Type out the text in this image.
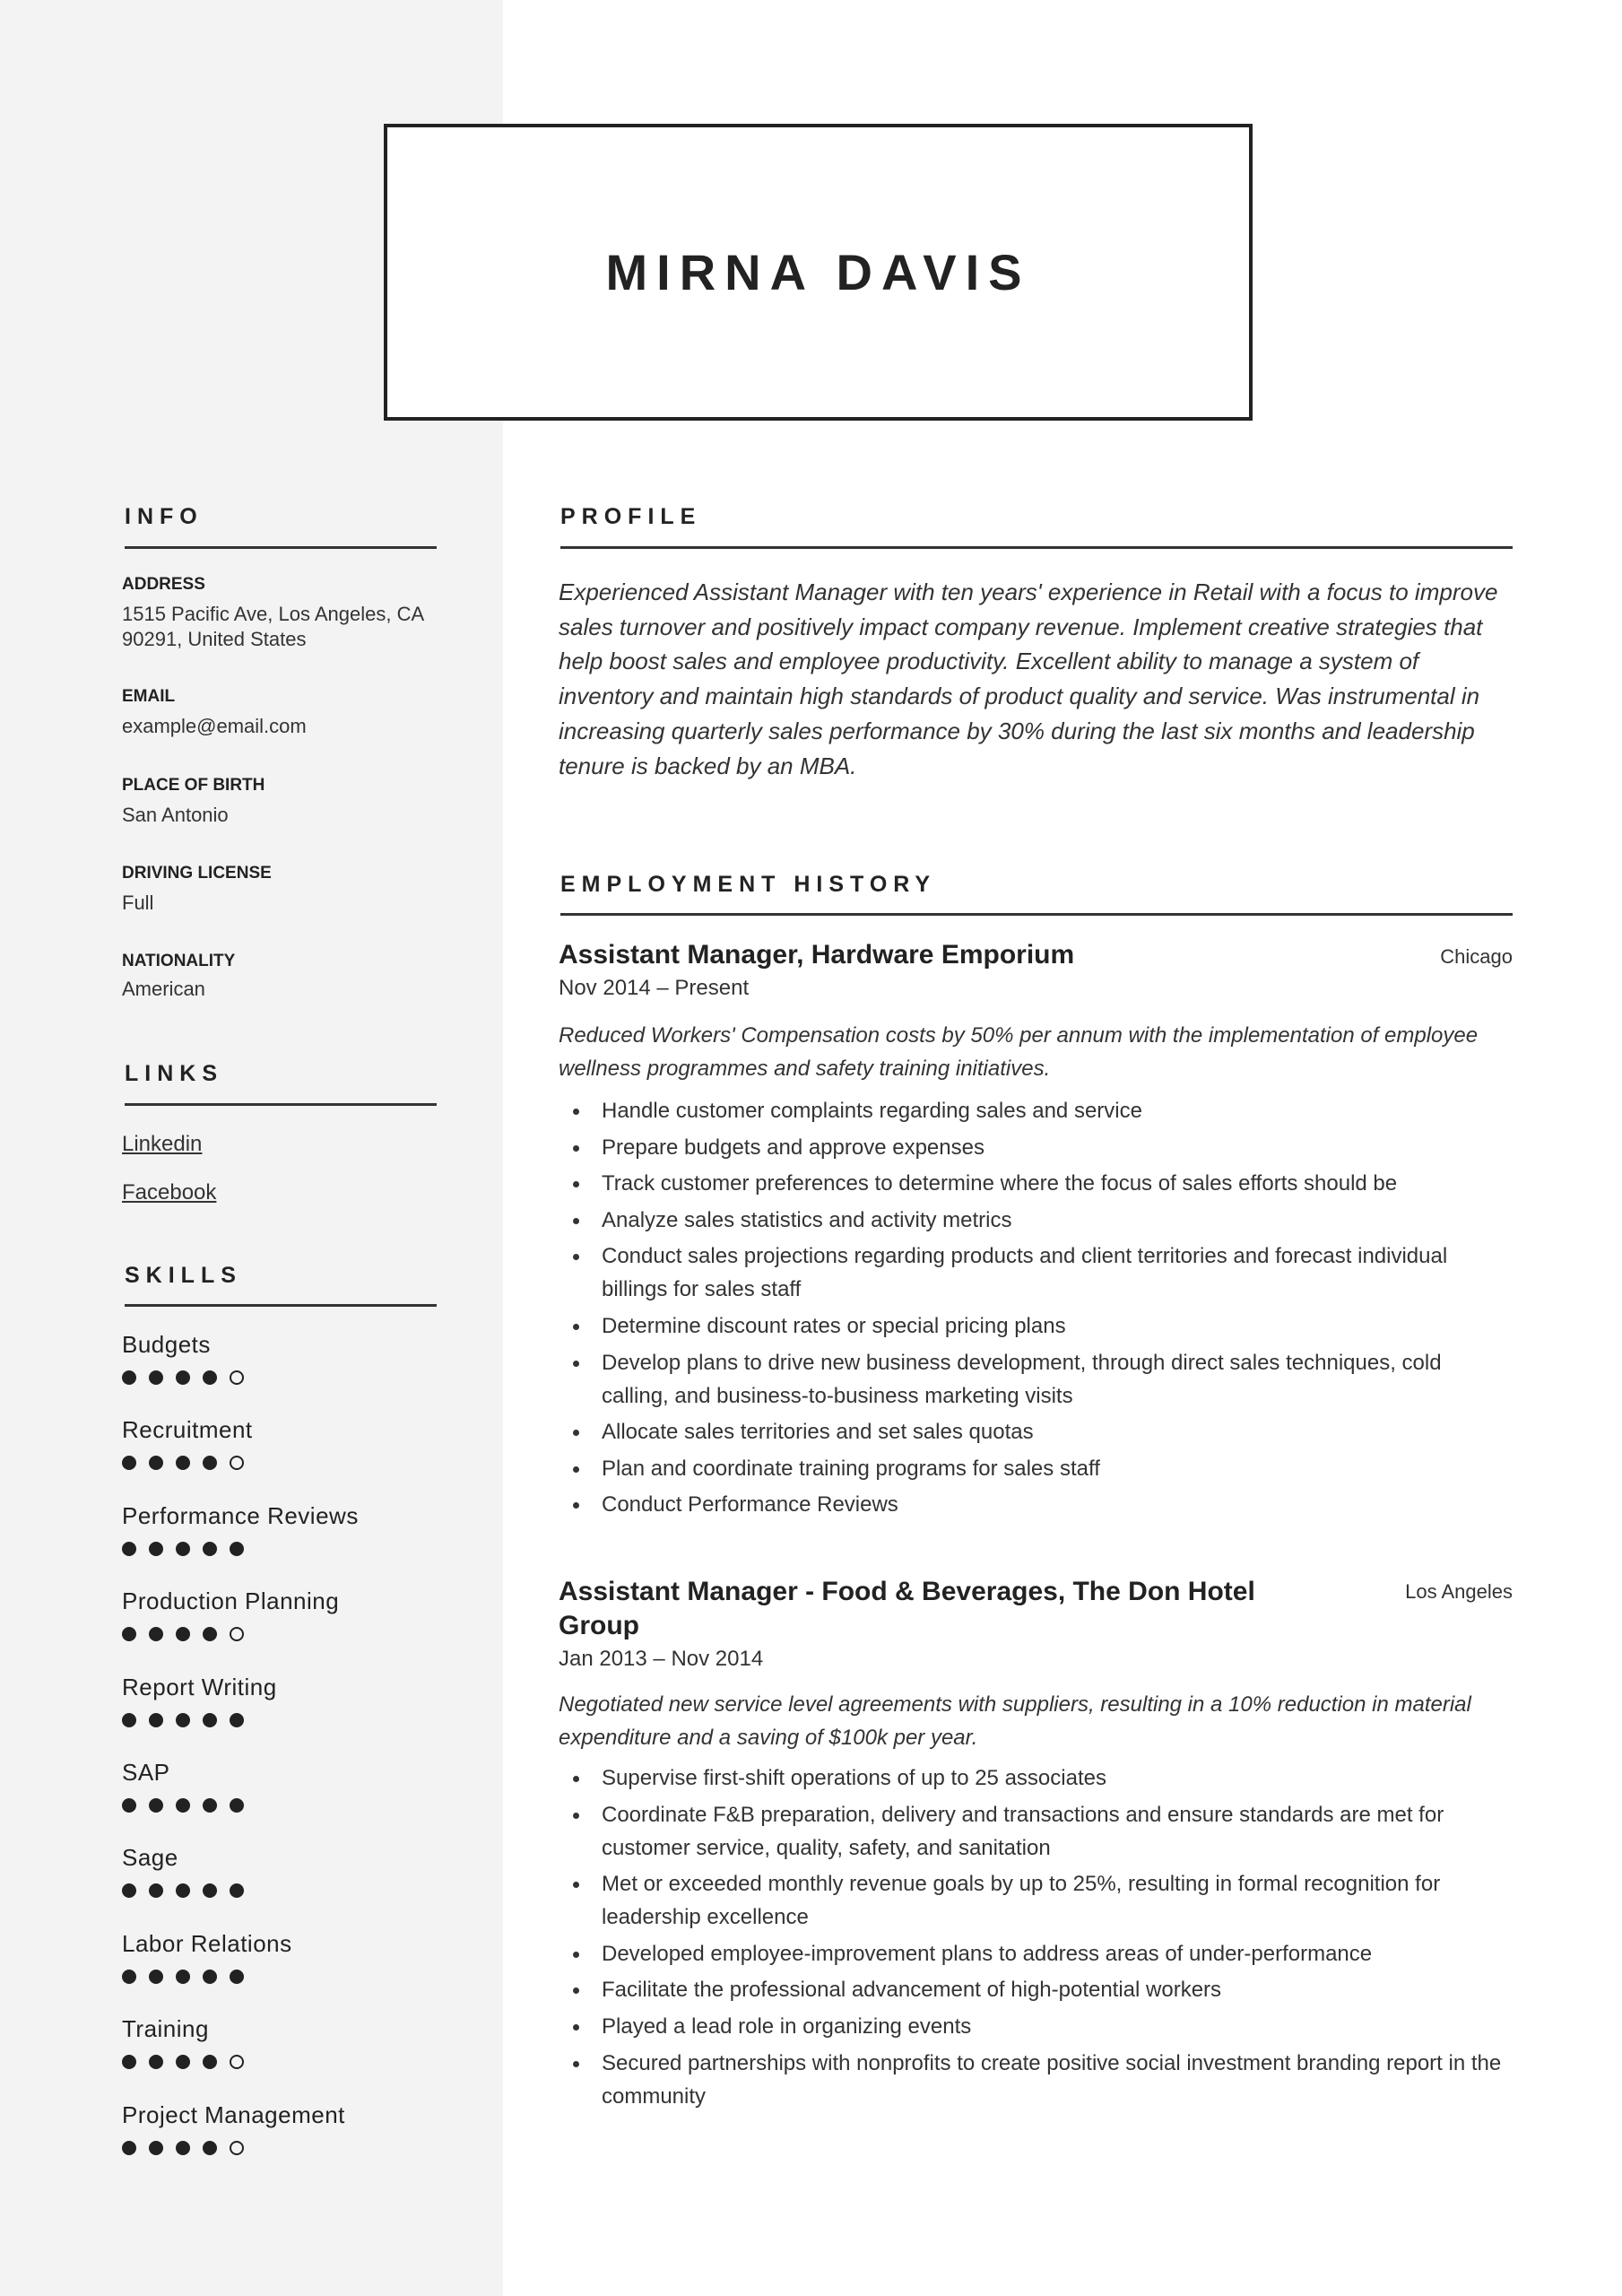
MIRNA DAVIS
INFO
ADDRESS
1515 Pacific Ave, Los Angeles, CA 90291, United States
EMAIL
example@email.com
PLACE OF BIRTH
San Antonio
DRIVING LICENSE
Full
NATIONALITY
American
LINKS
Linkedin
Facebook
SKILLS
Budgets
Recruitment
Performance Reviews
Production Planning
Report Writing
SAP
Sage
Labor Relations
Training
Project Management
PROFILE

Experienced Assistant Manager with ten years' experience in Retail with a focus to improve sales turnover and positively impact company revenue. Implement creative strategies that help boost sales and employee productivity. Excellent ability to manage a system of inventory and maintain high standards of product quality and service. Was instrumental in increasing quarterly sales performance by 30% during the last six months and leadership tenure is backed by an MBA.

EMPLOYMENT HISTORY
Assistant Manager, Hardware Emporium	Chicago
Nov 2014 – Present

Reduced Workers' Compensation costs by 50% per annum with the implementation of employee wellness programmes and safety training initiatives.

Handle customer complaints regarding sales and service
Prepare budgets and approve expenses
Track customer preferences to determine where the focus of sales efforts should be
Analyze sales statistics and activity metrics
Conduct sales projections regarding products and client territories and forecast individual billings for sales staff
Determine discount rates or special pricing plans
Develop plans to drive new business development, through direct sales techniques, cold calling, and business-to-business marketing visits
Allocate sales territories and set sales quotas
Plan and coordinate training programs for sales staff
Conduct Performance Reviews
Assistant Manager - Food & Beverages, The Don Hotel Group
Los Angeles
Jan 2013 – Nov 2014

Negotiated new service level agreements with suppliers, resulting in a 10% reduction in material expenditure and a saving of $100k per year.

Supervise first-shift operations of up to 25 associates
Coordinate F&B preparation, delivery and transactions and ensure standards are met for customer service, quality, safety, and sanitation
Met or exceeded monthly revenue goals by up to 25%, resulting in formal recognition for leadership excellence
Developed employee-improvement plans to address areas of under-performance
Facilitate the professional advancement of high-potential workers
Played a lead role in organizing events
Secured partnerships with nonprofits to create positive social investment branding report in the community
